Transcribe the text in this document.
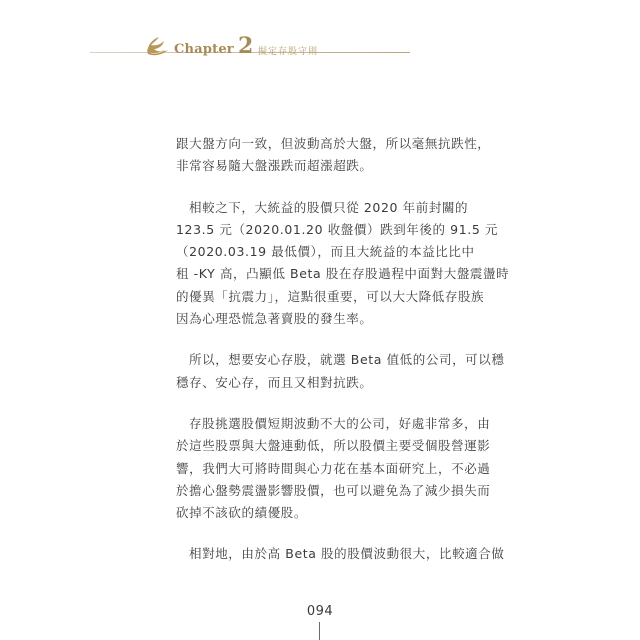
Chapter 2 擬定存股守則
跟大盤方向一致，但波動高於大盤，所以毫無抗跌性，
非常容易隨大盤漲跌而超漲超跌。
相較之下，大統益的股價只從 2020 年前封關的
123.5 元（2020.01.20 收盤價）跌到年後的 91.5 元
（2020.03.19 最低價），而且大統益的本益比比中
租 -KY 高，凸顯低 Beta 股在存股過程中面對大盤震盪時
的優異「抗震力」，這點很重要，可以大大降低存股族
因為心理恐慌急著賣股的發生率。
所以，想要安心存股，就選 Beta 值低的公司，可以穩
穩存、安心存，而且又相對抗跌。
存股挑選股價短期波動不大的公司，好處非常多，由
於這些股票與大盤連動低，所以股價主要受個股營運影
響，我們大可將時間與心力花在基本面研究上，不必過
於擔心盤勢震盪影響股價，也可以避免為了減少損失而
砍掉不該砍的績優股。
相對地，由於高 Beta 股的股價波動很大，比較適合做
094
